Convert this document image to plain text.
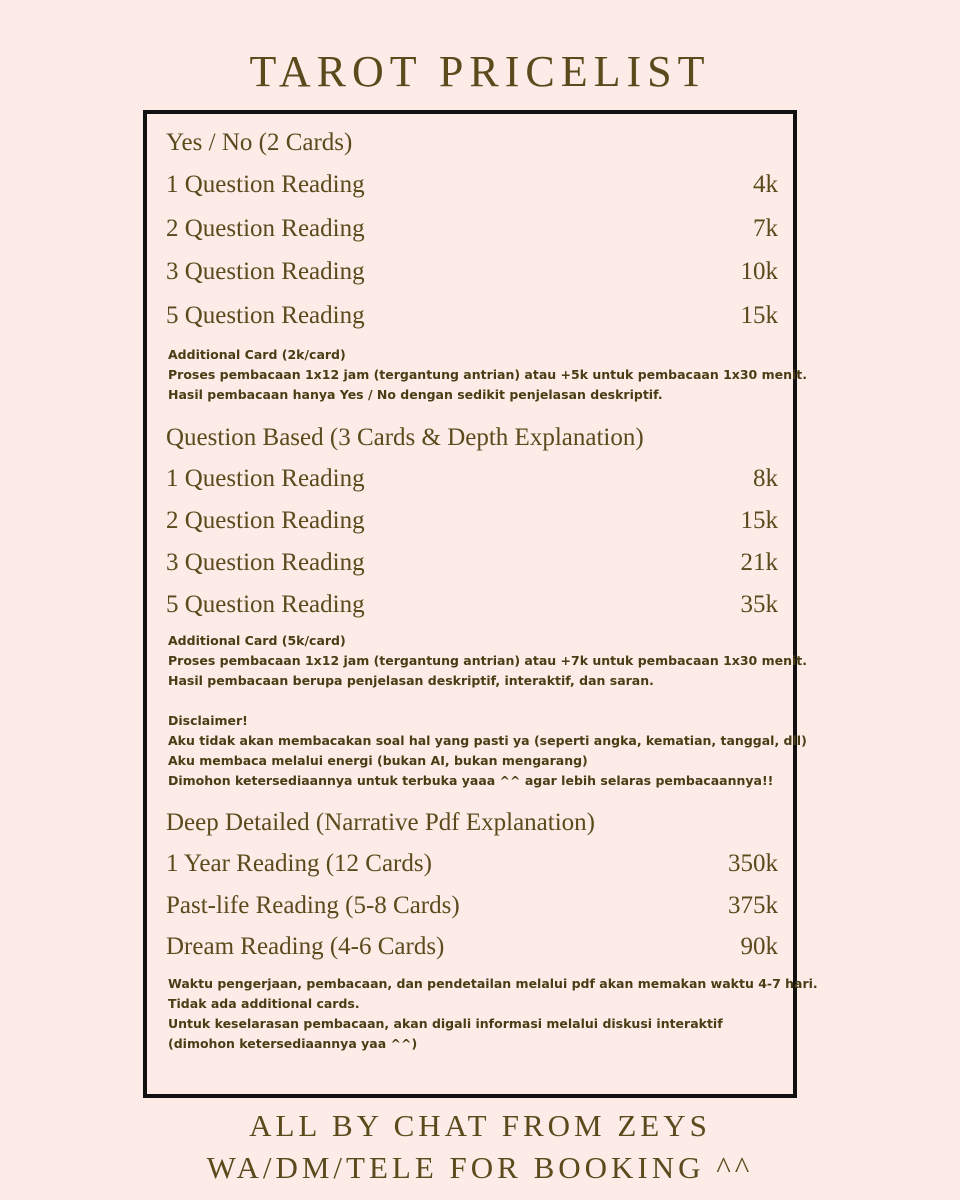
TAROT PRICELIST
Yes / No (2 Cards)
1 Question Reading	4k
2 Question Reading	7k
3 Question Reading	10k
5 Question Reading	15k
Additional Card (2k/card)
Proses pembacaan 1x12 jam (tergantung antrian) atau +5k untuk pembacaan 1x30 menit.
Hasil pembacaan hanya Yes / No dengan sedikit penjelasan deskriptif.
Question Based (3 Cards & Depth Explanation)
1 Question Reading	8k
2 Question Reading	15k
3 Question Reading	21k
5 Question Reading	35k
Additional Card (5k/card)
Proses pembacaan 1x12 jam (tergantung antrian) atau +7k untuk pembacaan 1x30 menit.
Hasil pembacaan berupa penjelasan deskriptif, interaktif, dan saran.
Disclaimer!
Aku tidak akan membacakan soal hal yang pasti ya (seperti angka, kematian, tanggal, dll)
Aku membaca melalui energi (bukan AI, bukan mengarang)
Dimohon ketersediaannya untuk terbuka yaaa ^^ agar lebih selaras pembacaannya!!
Deep Detailed (Narrative Pdf Explanation)
1 Year Reading (12 Cards)	350k
Past-life Reading (5-8 Cards)	375k
Dream Reading (4-6 Cards)	90k
Waktu pengerjaan, pembacaan, dan pendetailan melalui pdf akan memakan waktu 4-7 hari.
Tidak ada additional cards.
Untuk keselarasan pembacaan, akan digali informasi melalui diskusi interaktif (dimohon ketersediaannya yaa ^^)
ALL BY CHAT FROM ZEYS
WA/DM/TELE FOR BOOKING ^^
